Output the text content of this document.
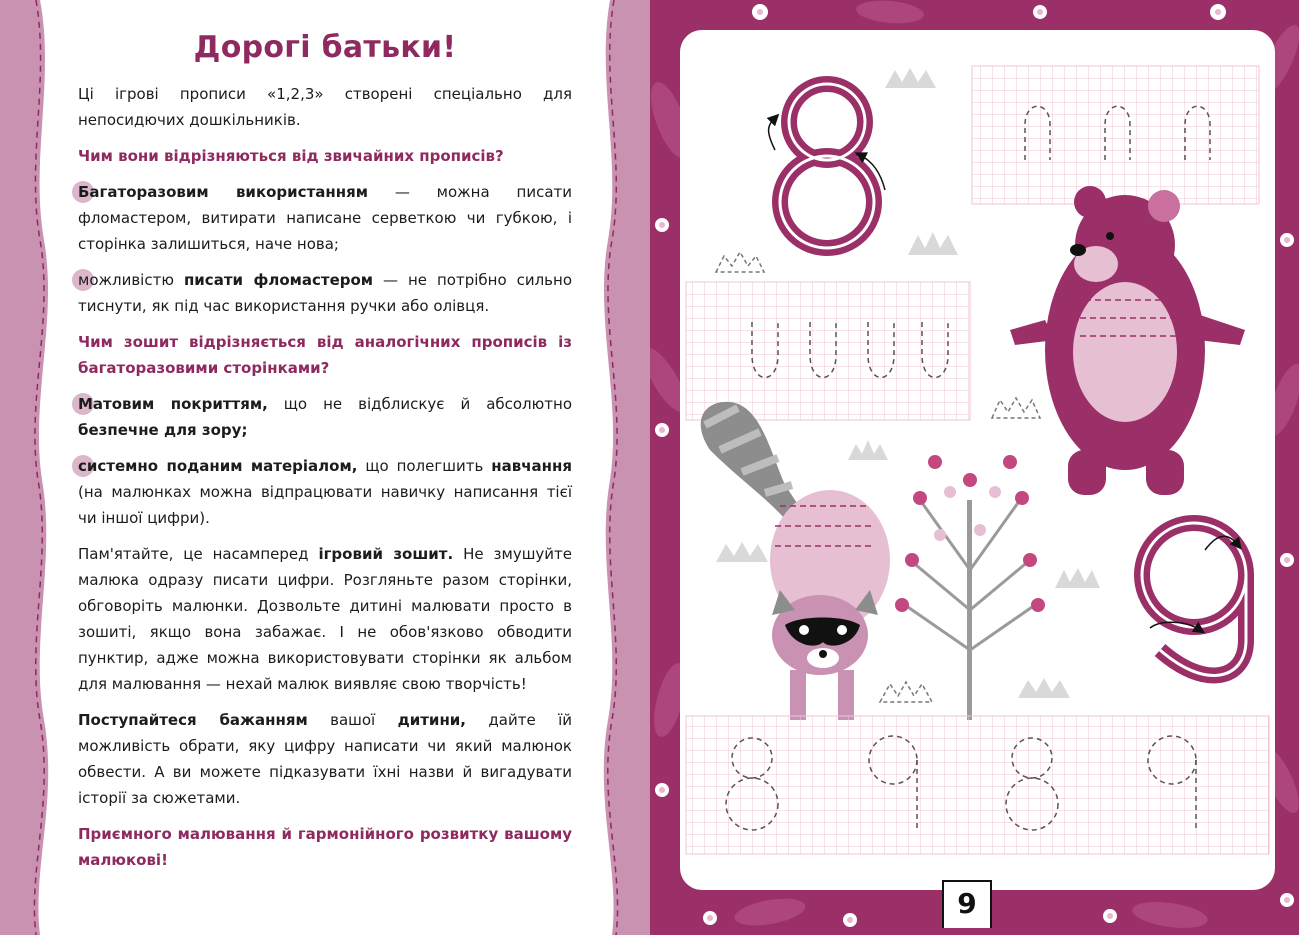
Дорогі батьки!

Ці ігрові прописи «1,2,3» створені спеціально для непосидючих дошкільників.

Чим вони відрізняються від звичайних прописів?

Багаторазовим використанням — можна писати фломастером, витирати написане серветкою чи губкою, і сторінка залишиться, наче нова;

можливістю писати фломастером — не потрібно сильно тиснути, як під час використання ручки або олівця.

Чим зошит відрізняється від аналогічних прописів із багаторазовими сторінками?

Матовим покриттям, що не відблискує й абсолютно безпечне для зору;

системно поданим матеріалом, що полегшить навчання (на малюнках можна відпрацювати навичку написання тієї чи іншої цифри).

Пам'ятайте, це насамперед ігровий зошит. Не змушуйте малюка одразу писати цифри. Розгляньте разом сторінки, обговоріть малюнки. Дозвольте дитині малювати просто в зошиті, якщо вона забажає. І не обов'язково обводити пунктир, адже можна використовувати сторінки як альбом для малювання — нехай малюк виявляє свою творчість!

Поступайтеся бажанням вашої дитини, дайте їй можливість обрати, яку цифру написати чи який малюнок обвести. А ви можете підказувати їхні назви й вигадувати історії за сюжетами.

Приємного малювання й гармонійного розвитку вашому малюкові!

9
